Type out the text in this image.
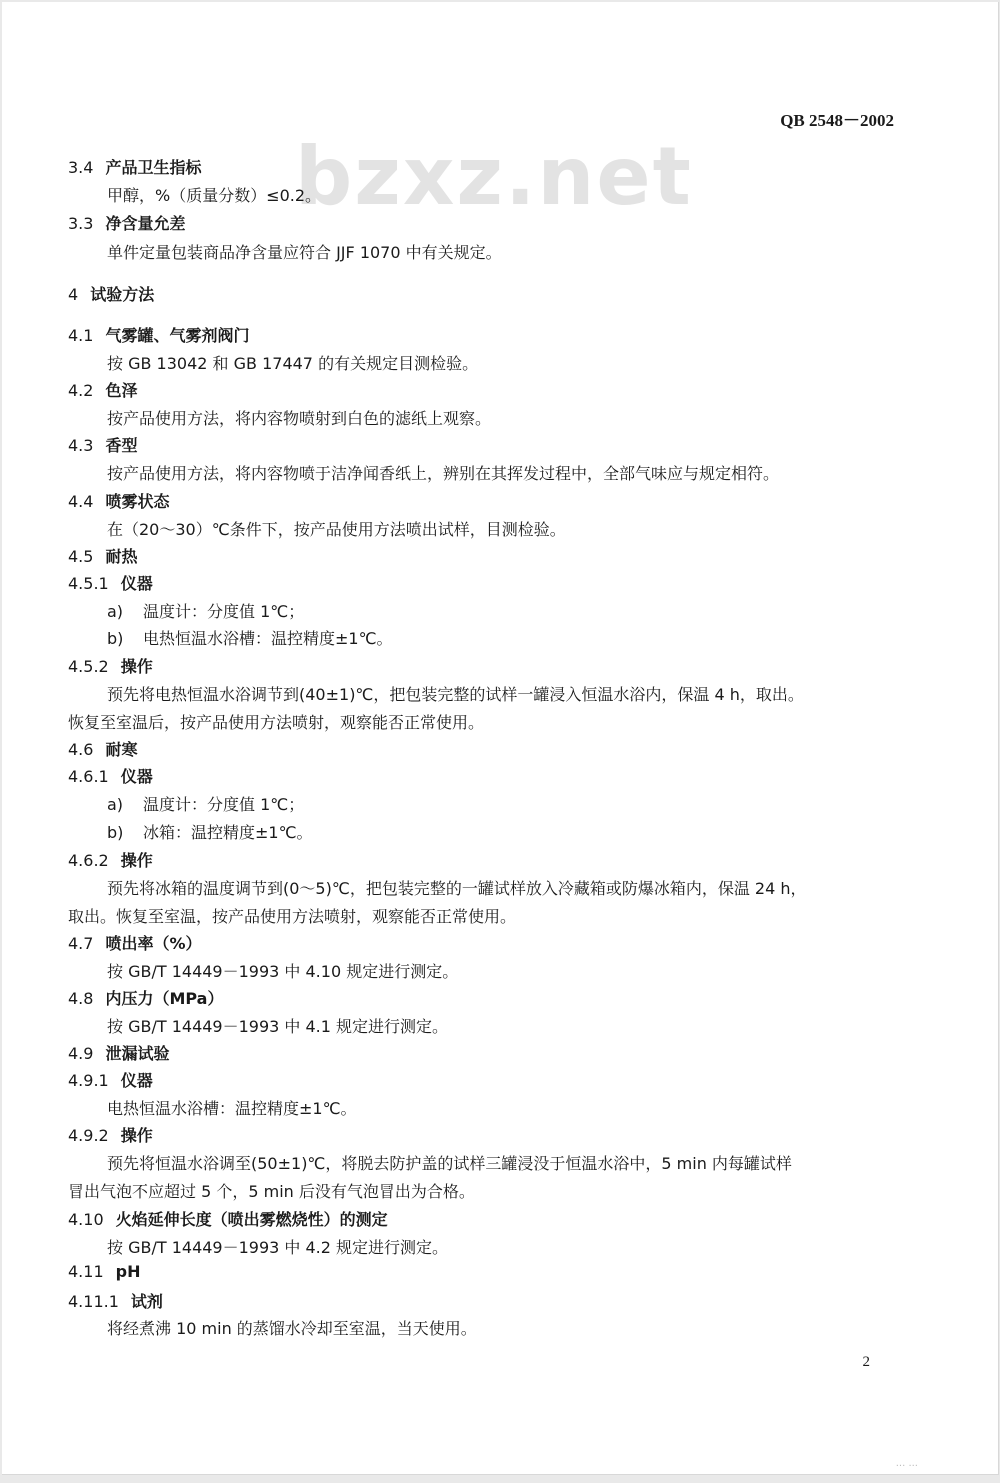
QB 2548－2002
bzxz.net
3.4 产品卫生指标
甲醇，%（质量分数）≤0.2。
3.3 净含量允差
单件定量包装商品净含量应符合 JJF 1070 中有关规定。
4 试验方法
4.1 气雾罐、气雾剂阀门
按 GB 13042 和 GB 17447 的有关规定目测检验。
4.2 色泽
按产品使用方法，将内容物喷射到白色的滤纸上观察。
4.3 香型
按产品使用方法，将内容物喷于洁净闻香纸上，辨别在其挥发过程中，全部气味应与规定相符。
4.4 喷雾状态
在（20～30）℃条件下，按产品使用方法喷出试样，目测检验。
4.5 耐热
4.5.1 仪器
a) 温度计：分度值 1℃；
b) 电热恒温水浴槽：温控精度±1℃。
4.5.2 操作
预先将电热恒温水浴调节到(40±1)℃，把包装完整的试样一罐浸入恒温水浴内，保温 4 h，取出。
恢复至室温后，按产品使用方法喷射，观察能否正常使用。
4.6 耐寒
4.6.1 仪器
a) 温度计：分度值 1℃；
b) 冰箱：温控精度±1℃。
4.6.2 操作
预先将冰箱的温度调节到(0～5)℃，把包装完整的一罐试样放入冷藏箱或防爆冰箱内，保温 24 h，
取出。恢复至室温，按产品使用方法喷射，观察能否正常使用。
4.7 喷出率（%）
按 GB/T 14449－1993 中 4.10 规定进行测定。
4.8 内压力（MPa）
按 GB/T 14449－1993 中 4.1 规定进行测定。
4.9 泄漏试验
4.9.1 仪器
电热恒温水浴槽：温控精度±1℃。
4.9.2 操作
预先将恒温水浴调至(50±1)℃，将脱去防护盖的试样三罐浸没于恒温水浴中，5 min 内每罐试样
冒出气泡不应超过 5 个，5 min 后没有气泡冒出为合格。
4.10 火焰延伸长度（喷出雾燃烧性）的测定
按 GB/T 14449－1993 中 4.2 规定进行测定。
4.11 pH
4.11.1 试剂
将经煮沸 10 min 的蒸馏水冷却至室温，当天使用。
2
··· ···
